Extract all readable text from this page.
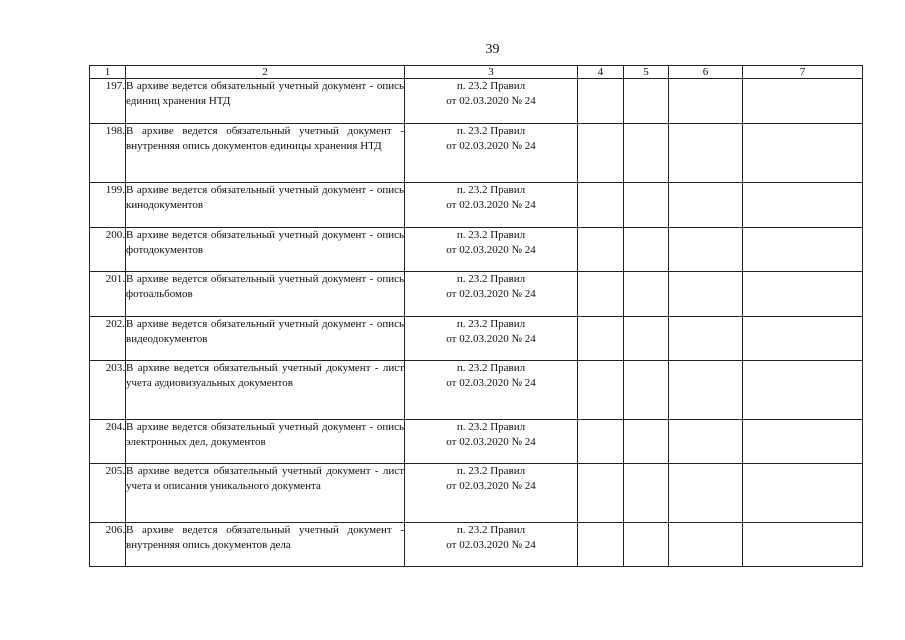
39
1	2	3	4	5	6	7
197.	В архиве ведется обязательный учетный документ - опись единиц хранения НТД	п. 23.2 Правил
от 02.03.2020 № 24				

198.	В архиве ведется обязательный учетный документ - внутренняя опись документов единицы хранения НТД	п. 23.2 Правил
от 02.03.2020 № 24				

199.	В архиве ведется обязательный учетный документ - опись кинодокументов	п. 23.2 Правил
от 02.03.2020 № 24				

200.	В архиве ведется обязательный учетный документ - опись фотодокументов	п. 23.2 Правил
от 02.03.2020 № 24				

201.	В архиве ведется обязательный учетный документ - опись фотоальбомов	п. 23.2 Правил
от 02.03.2020 № 24				

202.	В архиве ведется обязательный учетный документ - опись видеодокументов	п. 23.2 Правил
от 02.03.2020 № 24				

203.	В архиве ведется обязательный учетный документ - лист учета аудиовизуальных документов	п. 23.2 Правил
от 02.03.2020 № 24				

204.	В архиве ведется обязательный учетный документ - опись электронных дел, документов	п. 23.2 Правил
от 02.03.2020 № 24				

205.	В архиве ведется обязательный учетный документ - лист учета и описания уникального документа	п. 23.2 Правил
от 02.03.2020 № 24				

206.	В архиве ведется обязательный учетный документ - внутренняя опись документов дела	п. 23.2 Правил
от 02.03.2020 № 24				
